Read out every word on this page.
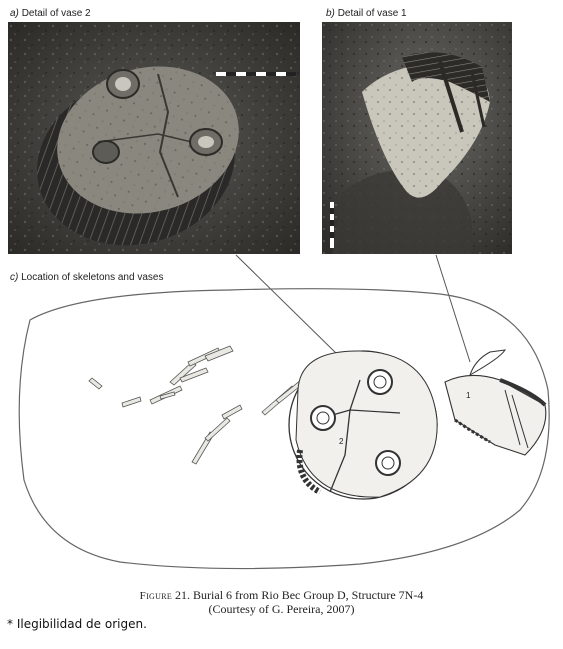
a) Detail of vase 2	b) Detail of vase 1
c) Location of skeletons and vases
2
1
Figure 21. Burial 6 from Rio Bec Group D, Structure 7N-4
(Courtesy of G. Pereira, 2007)
* Ilegibilidad de origen.
